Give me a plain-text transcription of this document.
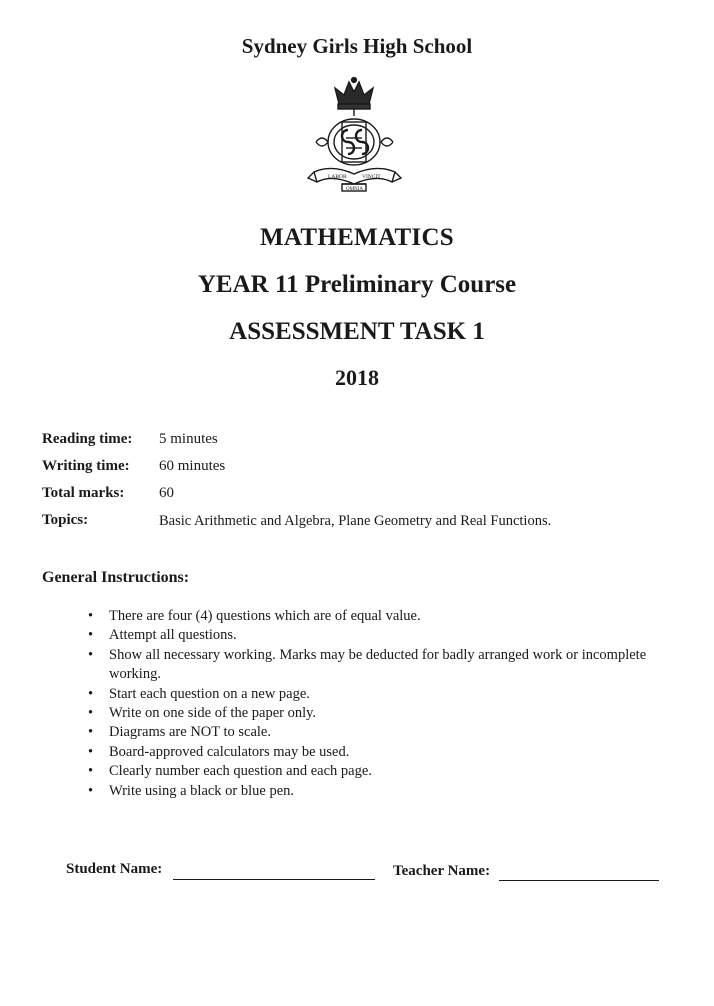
Sydney Girls High School
LABOR	VINCIT
OMNIA
MATHEMATICS
YEAR 11 Preliminary Course
ASSESSMENT TASK 1
2018
Reading time: 5 minutes
Writing time: 60 minutes
Total marks: 60
Topics:	Basic Arithmetic and Algebra, Plane Geometry and Real Functions.
General Instructions:
• There are four (4) questions which are of equal value.
• Attempt all questions.
• Show all necessary working. Marks may be deducted for badly arranged work or incomplete working.
• Start each question on a new page.
• Write on one side of the paper only.
• Diagrams are NOT to scale.
• Board-approved calculators may be used.
• Clearly number each question and each page.
• Write using a black or blue pen.
Student Name:	Teacher Name:
